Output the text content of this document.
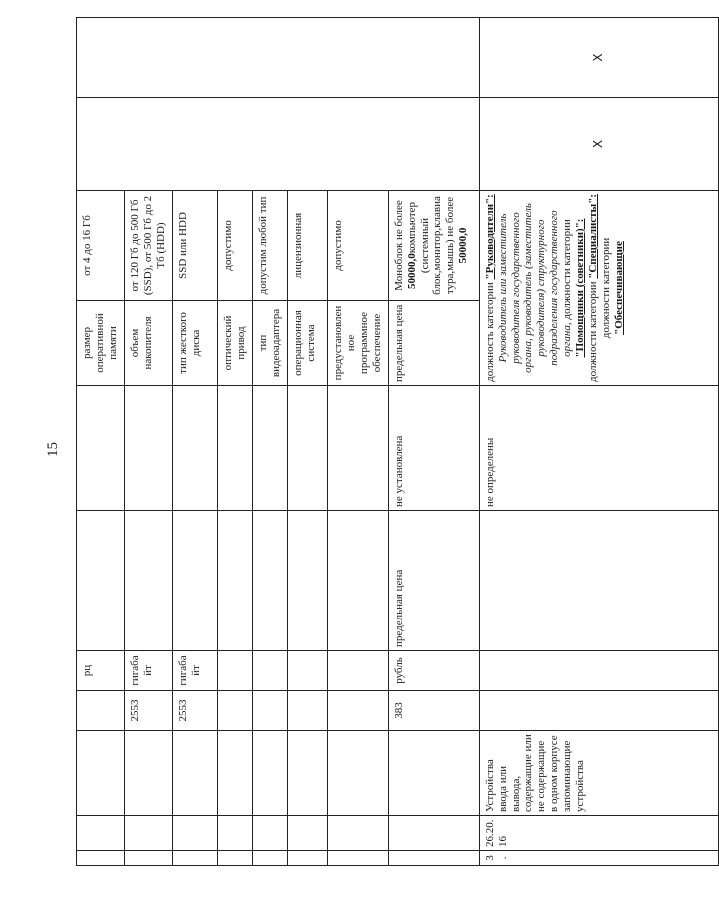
15
				рц			размер оперативной памяти	от 4 до 16 Гб		
			2553	гигабайт			объем накопителя	от 120 Гб до 500 Гб (SSD), от 500 Гб до 2 Тб (HDD)		
			2553	гигабайт			тип жесткого диска	SSD или HDD		
							оптический привод	допустимо		
							тип видеоадаптера	допустим любой тип		
							операционная система	лицензионная		
							предустановленное программное обеспечение	допустимо		
			383	рубль	предельная цена	не установлена	предельная цена	Моноблок не более 50000,0компьютер (системный блок,монитор,клавиатура,мышь) не более 50000,0		
3.	26.20.16	Устройства ввода или вывода, содержащие или не содержащие в одном корпусе запоминающие устройства				не определены	должность категории "Руководители": Руководитель или заместитель руководителя государственного органа, руководитель (заместитель руководителя) структурного подразделения государственного органа, должности категории "Помощники (советники)": должности категории "Специалисты": должности категории "Обеспечивающие		X	X
